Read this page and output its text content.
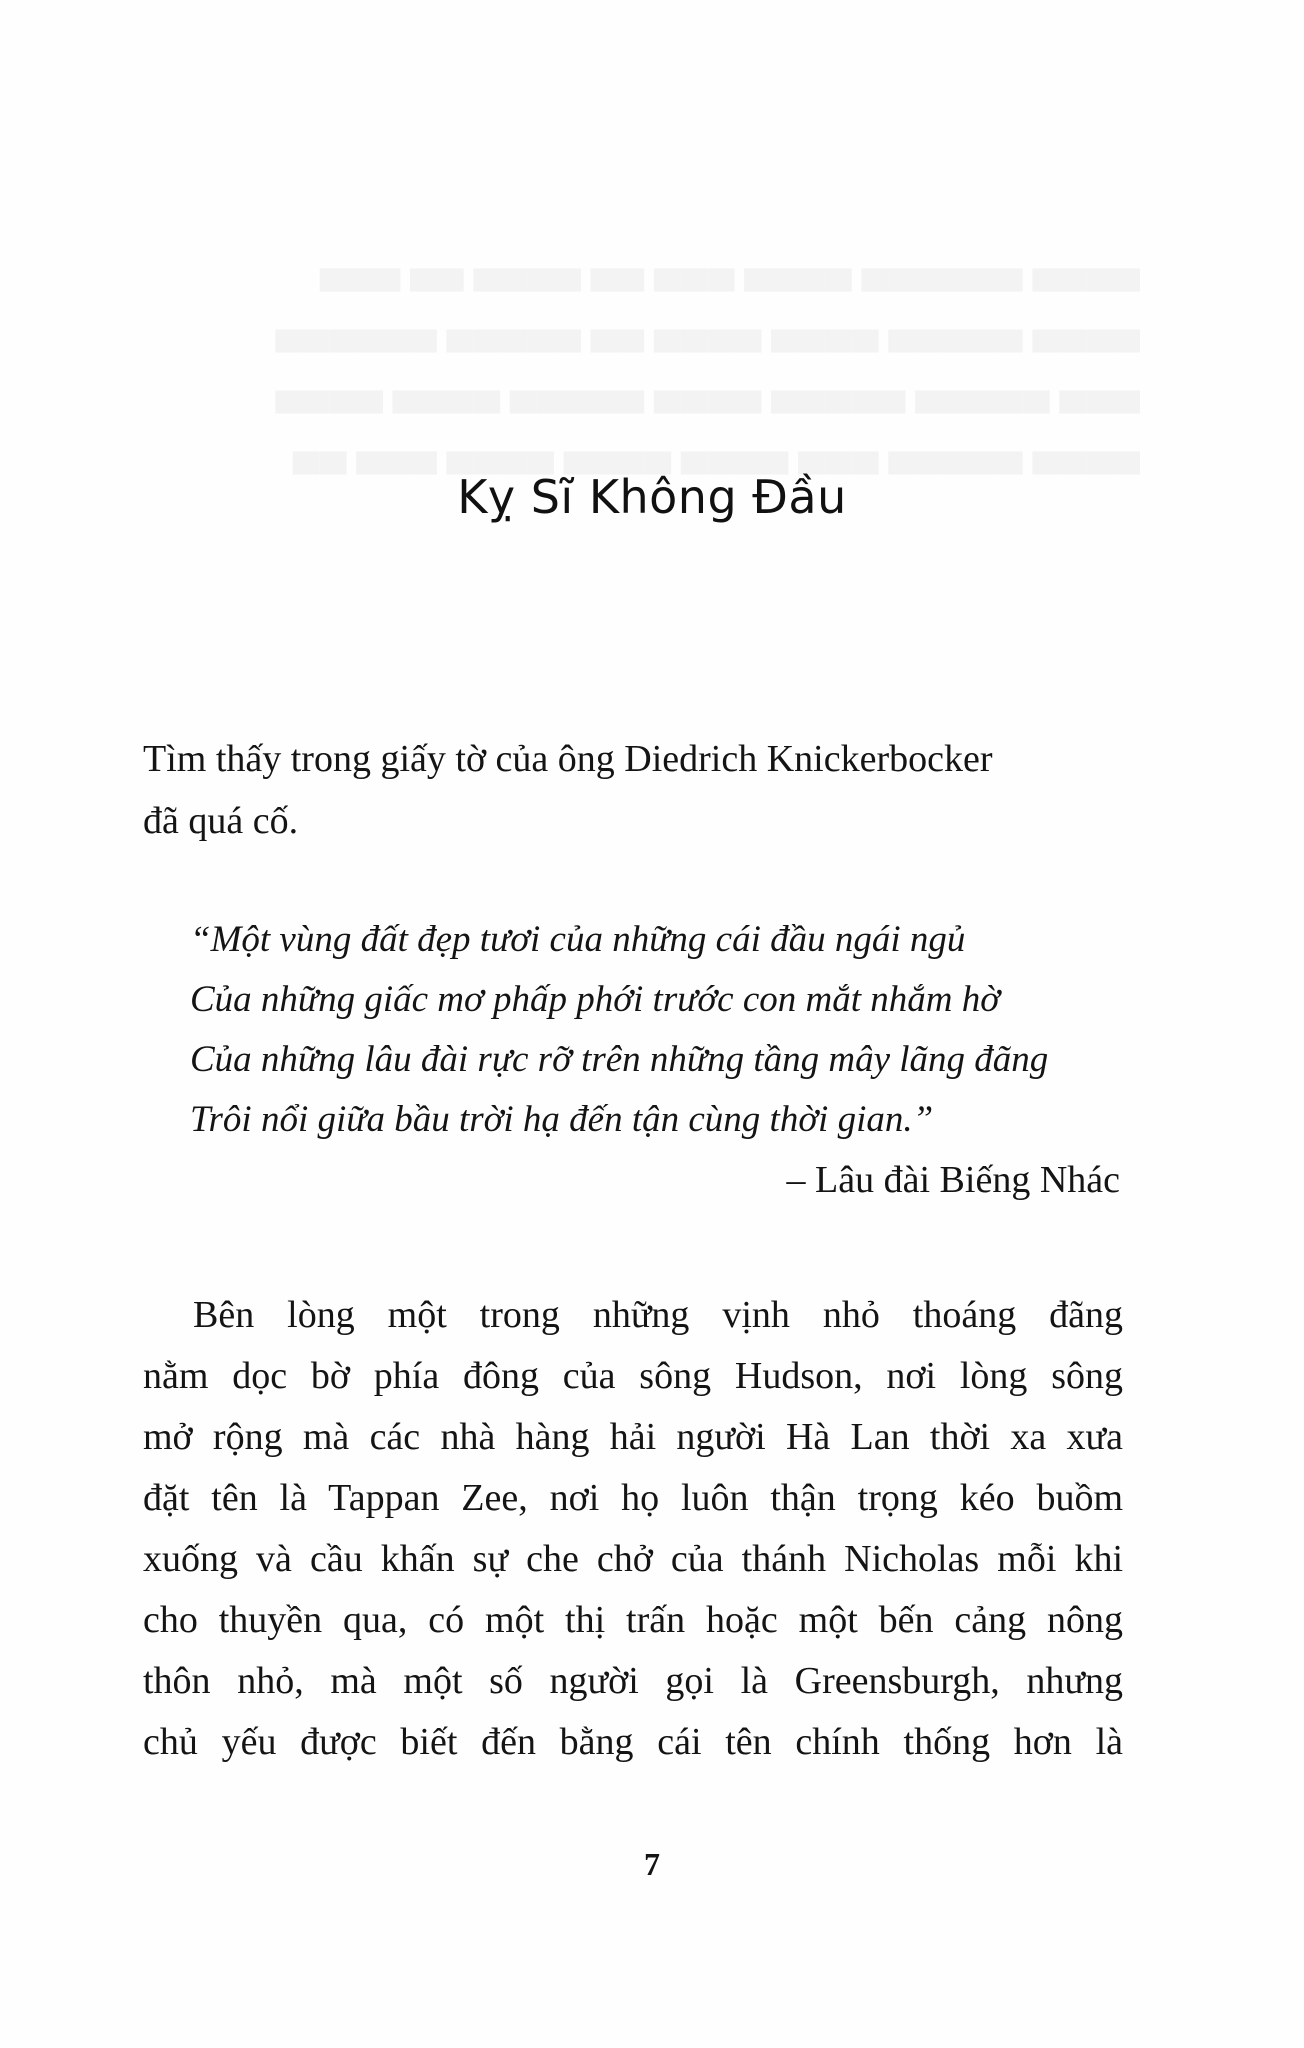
Kỵ Sĩ Không Đầu

Tìm thấy trong giấy tờ của ông Diedrich Knickerbocker

đã quá cố.

“Một vùng đất đẹp tươi của những cái đầu ngái ngủ
Của những giấc mơ phấp phới trước con mắt nhắm hờ
Của những lâu đài rực rỡ trên những tầng mây lãng đãng
Trôi nổi giữa bầu trời hạ đến tận cùng thời gian.”
– Lâu đài Biếng Nhác
Bên lòng một trong những vịnh nhỏ thoáng đãng
nằm dọc bờ phía đông của sông Hudson, nơi lòng sông
mở rộng mà các nhà hàng hải người Hà Lan thời xa xưa
đặt tên là Tappan Zee, nơi họ luôn thận trọng kéo buồm
xuống và cầu khấn sự che chở của thánh Nicholas mỗi khi
cho thuyền qua, có một thị trấn hoặc một bến cảng nông
thôn nhỏ, mà một số người gọi là Greensburgh, nhưng
chủ yếu được biết đến bằng cái tên chính thống hơn là
7
